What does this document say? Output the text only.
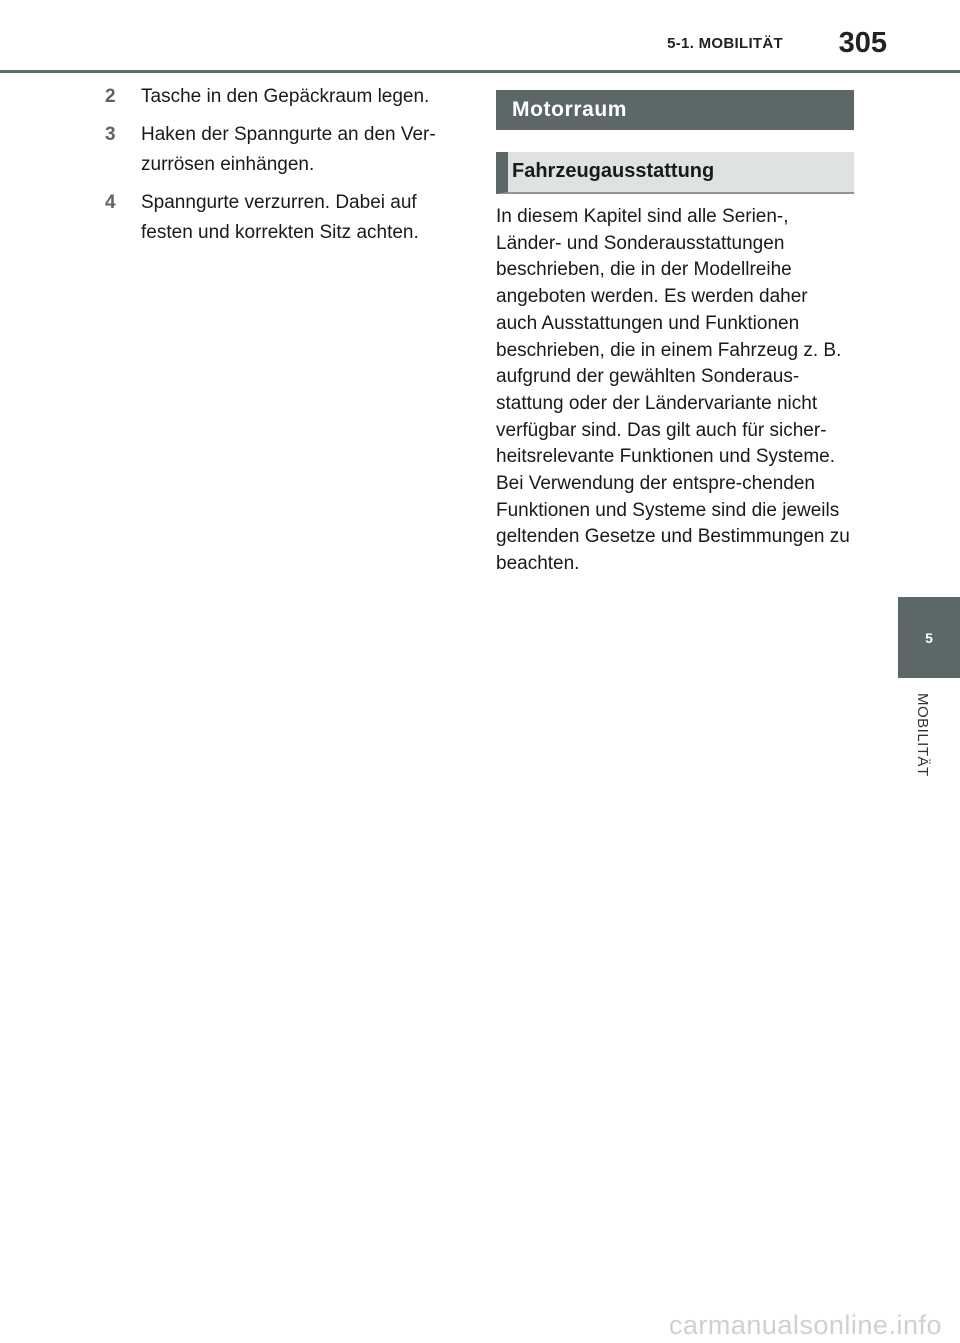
5-1. MOBILITÄT 305
2	Tasche in den Gepäckraum legen.
3	Haken der Spanngurte an den Ver-zurrösen einhängen.
4	Spanngurte verzurren. Dabei auf festen und korrekten Sitz achten.
Motorraum
Fahrzeugausstattung
In diesem Kapitel sind alle Serien-, Länder- und Sonderausstattungen beschrieben, die in der Modellreihe angeboten werden. Es werden daher auch Ausstattungen und Funktionen beschrieben, die in einem Fahrzeug z. B. aufgrund der gewählten Sonderaus-stattung oder der Ländervariante nicht verfügbar sind. Das gilt auch für sicher-heitsrelevante Funktionen und Systeme. Bei Verwendung der entspre-chenden Funktionen und Systeme sind die jeweils geltenden Gesetze und Bestimmungen zu beachten.
5
MOBILITÄT
carmanualsonline.info
